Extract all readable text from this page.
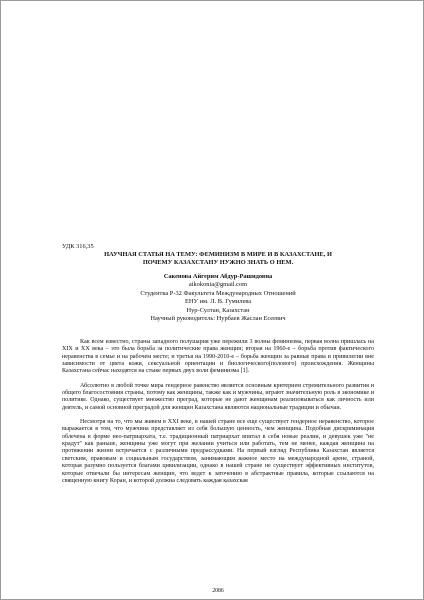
УДК 316,35
НАУЧНАЯ СТАТЬЯ НА ТЕМУ: ФЕМИНИЗМ В МИРЕ И В КАЗАХСТАНЕ, И
ПОЧЕМУ КАЗАХСТАНУ НУЖНО ЗНАТЬ О НЕМ.
Сакенова Айгерим Абдур-Рашидовна
aikokonia@gmail.com
Студентка Р-32 Факультета Международных Отношений
ЕНУ им. Л. В. Гумилева
Нур-Султан, Казахстан
Научный руководитель: Нурбаев Жаслан Есеевич

Как всем известно, страны западного полушария уже пережили 3 волны феминизма, первая волна пришлась на XIX и XX века – это была борьба за политические права женщин; вторая на 1960-е – борьба против фактического неравенства в семье и на рабочем месте; и третья на 1990-2010-е – борьба женщин за равные права и привилегии вне зависимости от цвета кожи, сексуальной ориентации и биологического(полового) происхождения. Женщины Казахстана сейчас находятся на стыке первых двух волн феминизма [1].

Абсолютно в любой точке мира гендерное равенство является основным критерием стремительного развития и общего благосостояния страны, потому как женщины, также как и мужчины, играют значительную роль в экономике и политике. Однако, существует множество преград, которые не дают женщинам реализовываться как личность или деятель, и самой основной преградой для женщин Казахстана являются национальные традиции и обычаи.

Несмотря на то, что мы живем в XXI веке, в нашей стране все еще существует гендерное неравенство, которое выражается в том, что мужчина представляет из себя большую ценность, чем женщина. Подобная дискриминация облечена в форме нео-патриархата, т.е. традиционный патриархат впитал в себя новые реалии, и девушек уже "не крадут" как раньше, женщины уже могут при желании учиться или работать, тем не менее, каждая женщина на протяжении жизни встречается с различными предрассудками. На первый взгляд Республика Казахстан является светским, правовым и социальным государством, занимающим важное место на международной арене, страной, которая разумно пользуется благами цивилизации, однако в нашей стране не существует эффективных институтов, которые отвечали бы интересам женщин, что ведет к заточению в абстрактные правила, которые ссылаются на священную книгу Коран, и которой должна следовать каждая казахская

2086
